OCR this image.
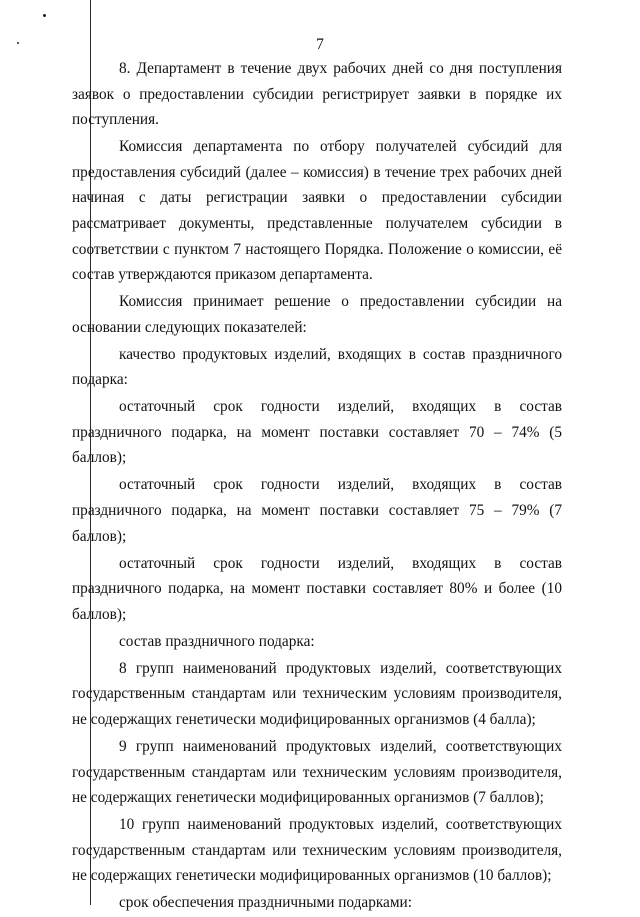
7

8. Департамент в течение двух рабочих дней со дня поступления заявок о предоставлении субсидии регистрирует заявки в порядке их поступления.

Комиссия департамента по отбору получателей субсидий для предоставления субсидий (далее – комиссия) в течение трех рабочих дней начиная с даты регистрации заявки о предоставлении субсидии рассматривает документы, представленные получателем субсидии в соответствии с пунктом 7 настоящего Порядка. Положение о комиссии, её состав утверждаются приказом департамента.

Комиссия принимает решение о предоставлении субсидии на основании следующих показателей:

качество продуктовых изделий, входящих в состав праздничного подарка:

остаточный срок годности изделий, входящих в состав праздничного подарка, на момент поставки составляет 70 – 74% (5 баллов);

остаточный срок годности изделий, входящих в состав праздничного подарка, на момент поставки составляет 75 – 79% (7 баллов);

остаточный срок годности изделий, входящих в состав праздничного подарка, на момент поставки составляет 80% и более (10 баллов);

состав праздничного подарка:

8 групп наименований продуктовых изделий, соответствующих государственным стандартам или техническим условиям производителя, не содержащих генетически модифицированных организмов (4 балла);

9 групп наименований продуктовых изделий, соответствующих государственным стандартам или техническим условиям производителя, не содержащих генетически модифицированных организмов (7 баллов);

10 групп наименований продуктовых изделий, соответствующих государственным стандартам или техническим условиям производителя, не содержащих генетически модифицированных организмов (10 баллов);

срок обеспечения праздничными подарками:
